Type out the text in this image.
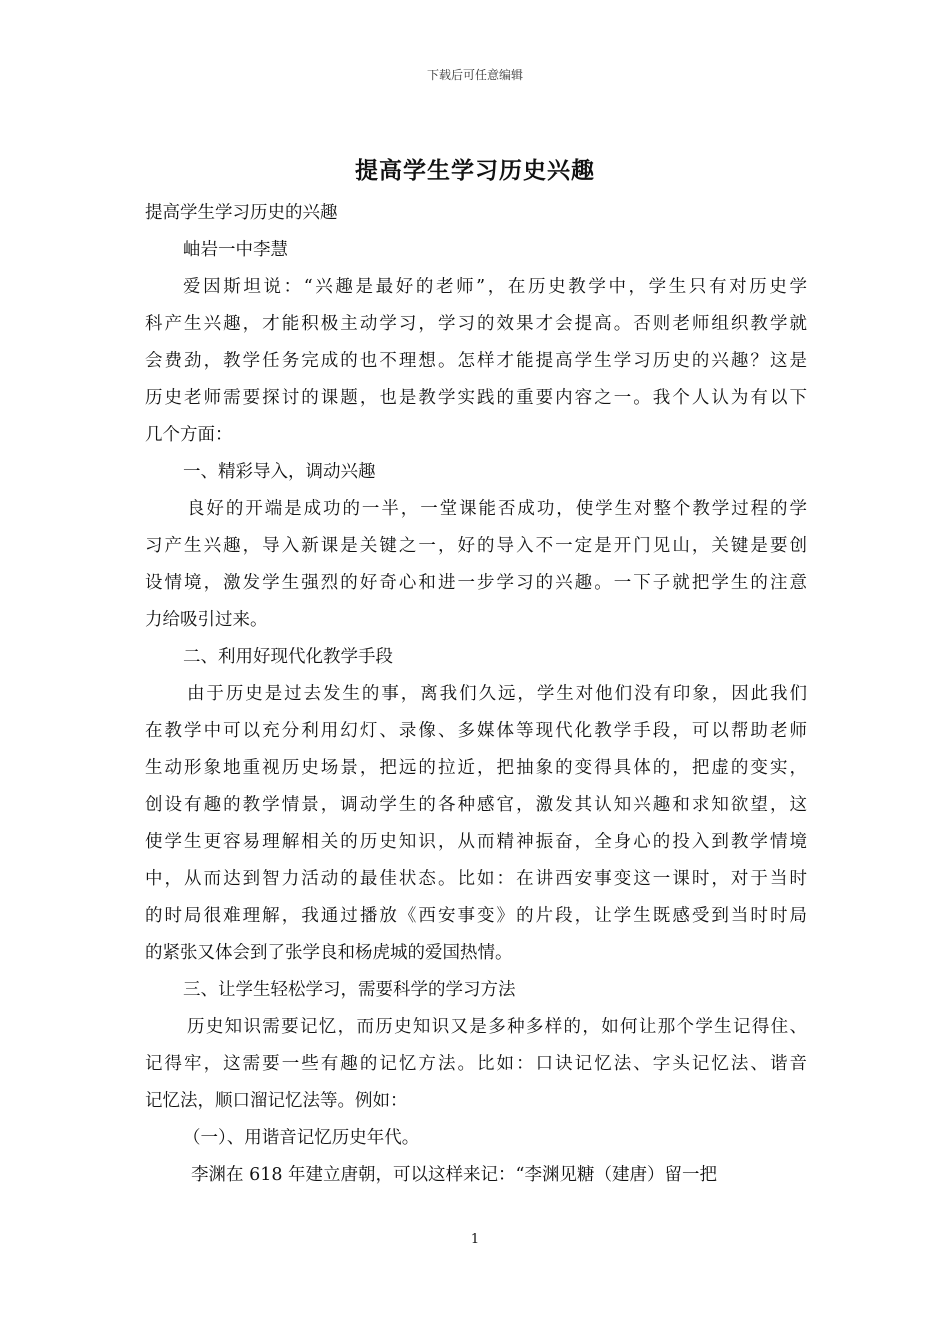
下载后可任意编辑
提高学生学习历史兴趣
提高学生学习历史的兴趣
岫岩一中李慧
爱因斯坦说：“兴趣是最好的老师”，在历史教学中，学生只有对历史学
科产生兴趣，才能积极主动学习，学习的效果才会提高。否则老师组织教学就
会费劲，教学任务完成的也不理想。怎样才能提高学生学习历史的兴趣？这是
历史老师需要探讨的课题，也是教学实践的重要内容之一。我个人认为有以下
几个方面：
一、精彩导入，调动兴趣
良好的开端是成功的一半，一堂课能否成功，使学生对整个教学过程的学
习产生兴趣，导入新课是关键之一，好的导入不一定是开门见山，关键是要创
设情境，激发学生强烈的好奇心和进一步学习的兴趣。一下子就把学生的注意
力给吸引过来。
二、利用好现代化教学手段
由于历史是过去发生的事，离我们久远，学生对他们没有印象，因此我们
在教学中可以充分利用幻灯、录像、多媒体等现代化教学手段，可以帮助老师
生动形象地重视历史场景，把远的拉近，把抽象的变得具体的，把虚的变实，
创设有趣的教学情景，调动学生的各种感官，激发其认知兴趣和求知欲望，这
使学生更容易理解相关的历史知识，从而精神振奋，全身心的投入到教学情境
中，从而达到智力活动的最佳状态。比如：在讲西安事变这一课时，对于当时
的时局很难理解，我通过播放《西安事变》的片段，让学生既感受到当时时局
的紧张又体会到了张学良和杨虎城的爱国热情。
三、让学生轻松学习，需要科学的学习方法
历史知识需要记忆，而历史知识又是多种多样的，如何让那个学生记得住、
记得牢，这需要一些有趣的记忆方法。比如：口诀记忆法、字头记忆法、谐音
记忆法，顺口溜记忆法等。例如：
（一）、用谐音记忆历史年代。
李渊在 618 年建立唐朝，可以这样来记：“李渊见糖（建唐）留一把
1
